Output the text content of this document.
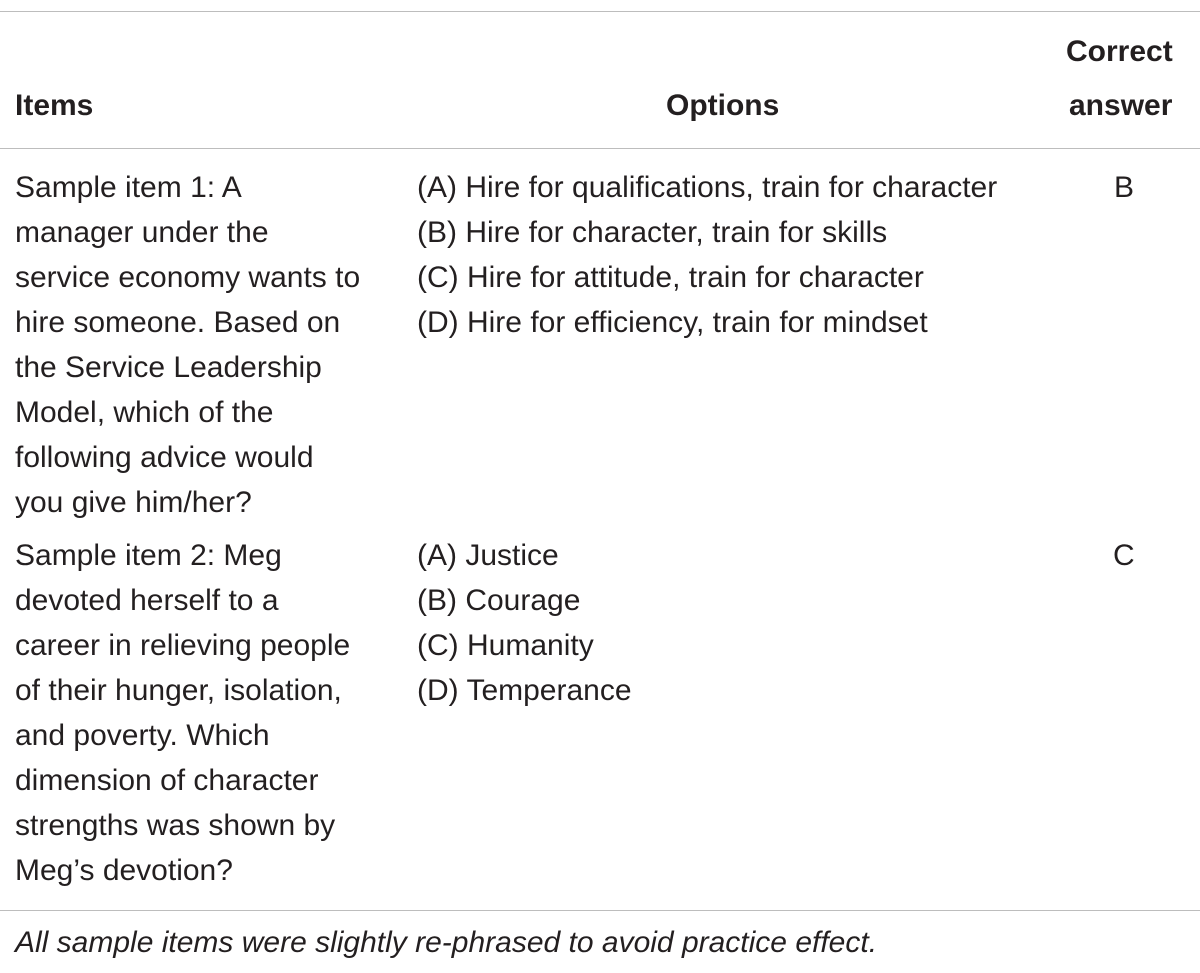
Items	Options
Correct
answer
Sample item 1: A
manager under the
service economy wants to
hire someone. Based on
the Service Leadership
Model, which of the
following advice would
you give him/her?
(A) Hire for qualifications, train for character
(B) Hire for character, train for skills
(C) Hire for attitude, train for character
(D) Hire for efficiency, train for mindset
B
Sample item 2: Meg
devoted herself to a
career in relieving people
of their hunger, isolation,
and poverty. Which
dimension of character
strengths was shown by
Meg’s devotion?
(A) Justice
(B) Courage
(C) Humanity
(D) Temperance
C
All sample items were slightly re-phrased to avoid practice effect.
